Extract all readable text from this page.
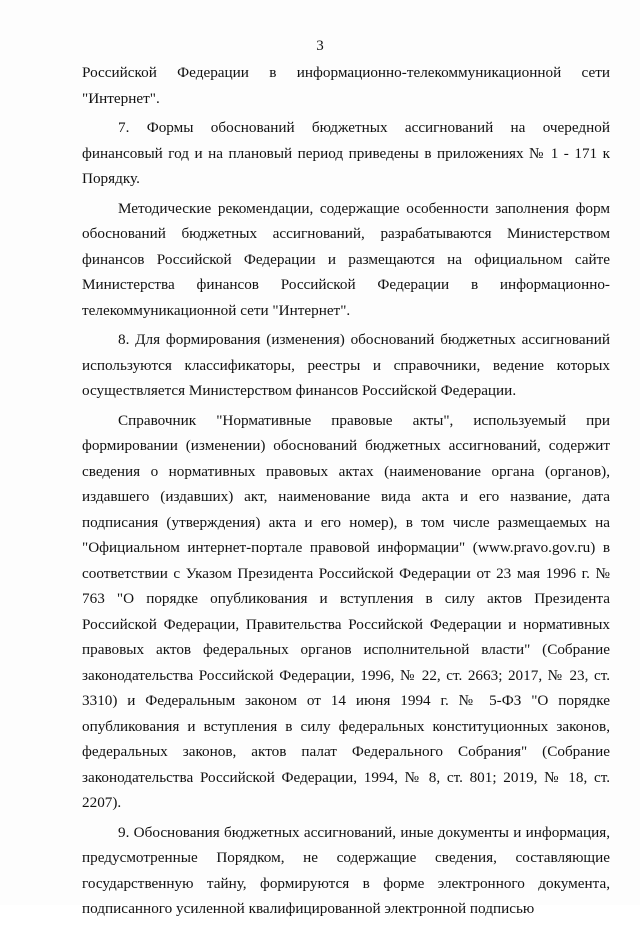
3

Российской Федерации в информационно-телекоммуникационной сети "Интернет".

7. Формы обоснований бюджетных ассигнований на очередной финансовый год и на плановый период приведены в приложениях № 1 - 171 к Порядку.

Методические рекомендации, содержащие особенности заполнения форм обоснований бюджетных ассигнований, разрабатываются Министерством финансов Российской Федерации и размещаются на официальном сайте Министерства финансов Российской Федерации в информационно-телекоммуникационной сети "Интернет".

8. Для формирования (изменения) обоснований бюджетных ассигнований используются классификаторы, реестры и справочники, ведение которых осуществляется Министерством финансов Российской Федерации.

Справочник "Нормативные правовые акты", используемый при формировании (изменении) обоснований бюджетных ассигнований, содержит сведения о нормативных правовых актах (наименование органа (органов), издавшего (издавших) акт, наименование вида акта и его название, дата подписания (утверждения) акта и его номер), в том числе размещаемых на "Официальном интернет-портале правовой информации" (www.pravo.gov.ru) в соответствии с Указом Президента Российской Федерации от 23 мая 1996 г. № 763 "О порядке опубликования и вступления в силу актов Президента Российской Федерации, Правительства Российской Федерации и нормативных правовых актов федеральных органов исполнительной власти" (Собрание законодательства Российской Федерации, 1996, № 22, ст. 2663; 2017, № 23, ст. 3310) и Федеральным законом от 14 июня 1994 г. № 5-ФЗ "О порядке опубликования и вступления в силу федеральных конституционных законов, федеральных законов, актов палат Федерального Собрания" (Собрание законодательства Российской Федерации, 1994, № 8, ст. 801; 2019, № 18, ст. 2207).

9. Обоснования бюджетных ассигнований, иные документы и информация, предусмотренные Порядком, не содержащие сведения, составляющие государственную тайну, формируются в форме электронного документа, подписанного усиленной квалифицированной электронной подписью
